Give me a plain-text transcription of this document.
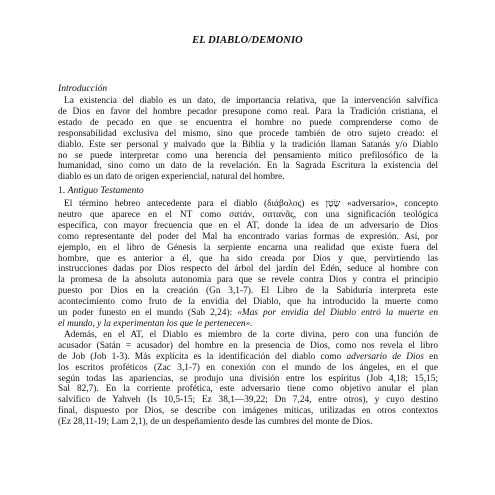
EL DIABLO/DEMONIO
Introducción
La existencia del diablo es un dato, de importancia relativa, que la intervención salvífica
de Dios en favor del hombre pecador presupone como real. Para la Tradición cristiana, el
estado de pecado en que se encuentra el hombre no puede comprenderse como de
responsabilidad exclusiva del mismo, sino que procede también de otro sujeto creado: el
diablo. Este ser personal y malvado que la Biblia y la tradición llaman Satanás y/o Diablo
no se puede interpretar como una herencia del pensamiento mítico prefilosófico de la
humanidad, sino como un dato de la revelación. En la Sagrada Escritura la existencia del
diablo es un dato de origen experiencial, natural del hombre.
1. Antiguo Testamento
El término hebreo antecedente para el diablo (διάβολος) es שָׂטָן «adversario», concepto
neutro que aparece en el NT como σατάν, σατανᾶς, con una significación teológica
específica, con mayor frecuencia que en el AT, donde la idea de un adversario de Dios
como representante del poder del Mal ha encontrado varias formas de expresión. Así, por
ejemplo, en el libro de Génesis la serpiente encarna una realidad que existe fuera del
hombre, que es anterior a él, que ha sido creada por Dios y que, pervirtiendo las
instrucciones dadas por Dios respecto del árbol del jardín del Edén, seduce al hombre con
la promesa de la absoluta autonomía para que se revele contra Dios y contra el principio
puesto por Dios en la creación (Gn 3,1-7). El Libro de la Sabiduría interpreta este
acontecimiento como fruto de la envidia del Diablo, que ha introducido la muerte como
un poder funesto en el mundo (Sab 2,24): «Mas por envidia del Diablo entró la muerte en
el mundo, y la experimentan los que le pertenecen».
Además, en el AT, el Diablo es miembro de la corte divina, pero con una función de
acusador (Satán = acusador) del hombre en la presencia de Dios, como nos revela el libro
de Job (Job 1-3). Más explícita es la identificación del diablo como adversario de Dios en
los escritos proféticos (Zac 3,1-7) en conexión con el mundo de los ángeles, en el que
según todas las apariencias, se produjo una división entre los espíritus (Job 4,18; 15,15;
Sal 82,7). En la corriente profética, este adversario tiene como objetivo anular el plan
salvífico de Yahveh (Is 10,5-15; Ez 38,1—39,22; Dn 7,24, entre otros), y cuyo destino
final, dispuesto por Dios, se describe con imágenes míticas, utilizadas en otros contextos
(Ez 28,11-19; Lam 2,1), de un despeñamiento desde las cumbres del monte de Dios.
